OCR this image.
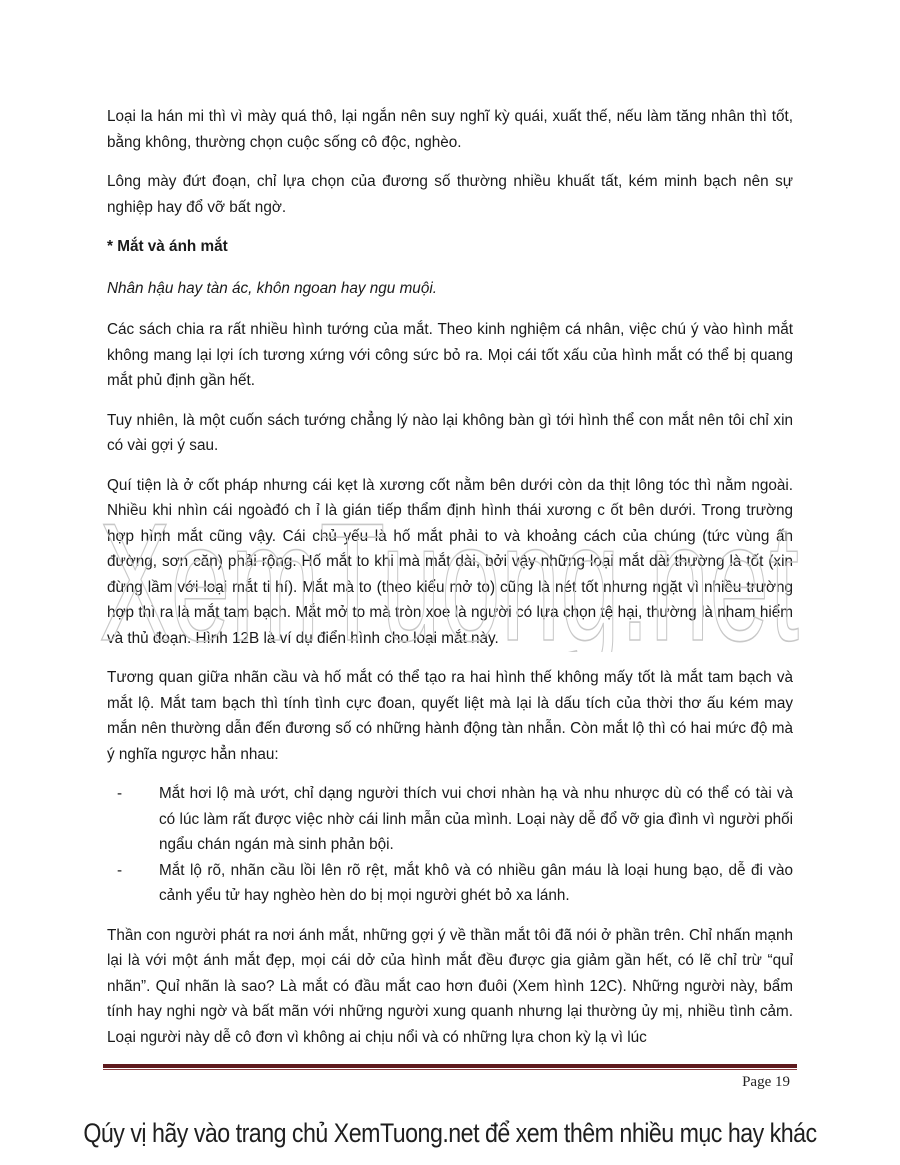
Loại la hán mi thì vì mày quá thô, lại ngắn nên suy nghĩ kỳ quái, xuất thế, nếu làm tăng nhân thì tốt, bằng không, thường chọn cuộc sống cô độc, nghèo.

Lông mày đứt đoạn, chỉ lựa chọn của đương số thường nhiều khuất tất, kém minh bạch nên sự nghiệp hay đổ vỡ bất ngờ.

* Mắt và ánh mắt

Nhân hậu hay tàn ác, khôn ngoan hay ngu muội.

Các sách chia ra rất nhiều hình tướng của mắt. Theo kinh nghiệm cá nhân, việc chú ý vào hình mắt không mang lại lợi ích tương xứng với công sức bỏ ra. Mọi cái tốt xấu của hình mắt có thể bị quang mắt phủ định gần hết.

Tuy nhiên, là một cuốn sách tướng chẳng lý nào lại không bàn gì tới hình thể con mắt nên tôi chỉ xin có vài gợi ý sau.

Quí tiện là ở cốt pháp nhưng cái kẹt là xương cốt nằm bên dưới còn da thịt lông tóc thì nằm ngoài. Nhiều khi nhìn cái ngoàđó ch ỉ là gián tiếp thẩm định hình thái xương c ốt bên dưới. Trong trường hợp hình mắt cũng vậy. Cái chủ yếu là hố mắt phải to và khoảng cách của chúng (tức vùng ấn đường, sơn căn) phải rộng. Hố mắt to khi mà mắt dài, bởi vậy những loại mắt dài thường là tốt (xin đừng lầm với loại mắt ti hí). Mắt mà to (theo kiểu mở to) cũng là nét tốt nhưng ngặt vì nhiều trường hợp thì ra là mắt tam bạch. Mắt mở to mà tròn xoe là người có lựa chọn tệ hại, thường là nham hiểm và thủ đoạn. Hình 12B là ví dụ điển hình cho loại mắt này.

Tương quan giữa nhãn cầu và hố mắt có thể tạo ra hai hình thế không mấy tốt là mắt tam bạch và mắt lộ. Mắt tam bạch thì tính tình cực đoan, quyết liệt mà lại là dấu tích của thời thơ ấu kém may mắn nên thường dẫn đến đương số có những hành động tàn nhẫn. Còn mắt lộ thì có hai mức độ mà ý nghĩa ngược hẳn nhau:

- Mắt hơi lộ mà ướt, chỉ dạng người thích vui chơi nhàn hạ và nhu nhược dù có thể có tài và có lúc làm rất được việc nhờ cái linh mẫn của mình. Loại này dễ đổ vỡ gia đình vì người phối ngẩu chán ngán mà sinh phản bội.
- Mắt lộ rõ, nhãn cầu lồi lên rõ rệt, mắt khô và có nhiều gân máu là loại hung bạo, dễ đi vào cảnh yểu tử hay nghèo hèn do bị mọi người ghét bỏ xa lánh.

Thần con người phát ra nơi ánh mắt, những gợi ý về thần mắt tôi đã nói ở phần trên. Chỉ nhấn mạnh lại là với một ánh mắt đẹp, mọi cái dở của hình mắt đều được gia giảm gần hết, có lẽ chỉ trừ “quỉ nhãn”. Quỉ nhãn là sao? Là mắt có đầu mắt cao hơn đuôi (Xem hình 12C). Những người này, bẩm tính hay nghi ngờ và bất mãn với những người xung quanh nhưng lại thường ủy mị, nhiều tình cảm. Loại người này dễ cô đơn vì không ai chịu nổi và có những lựa chon kỳ lạ vì lúc

XemTuong.net
Page 19
Qúy vị hãy vào trang chủ XemTuong.net để xem thêm nhiều mục hay khác
